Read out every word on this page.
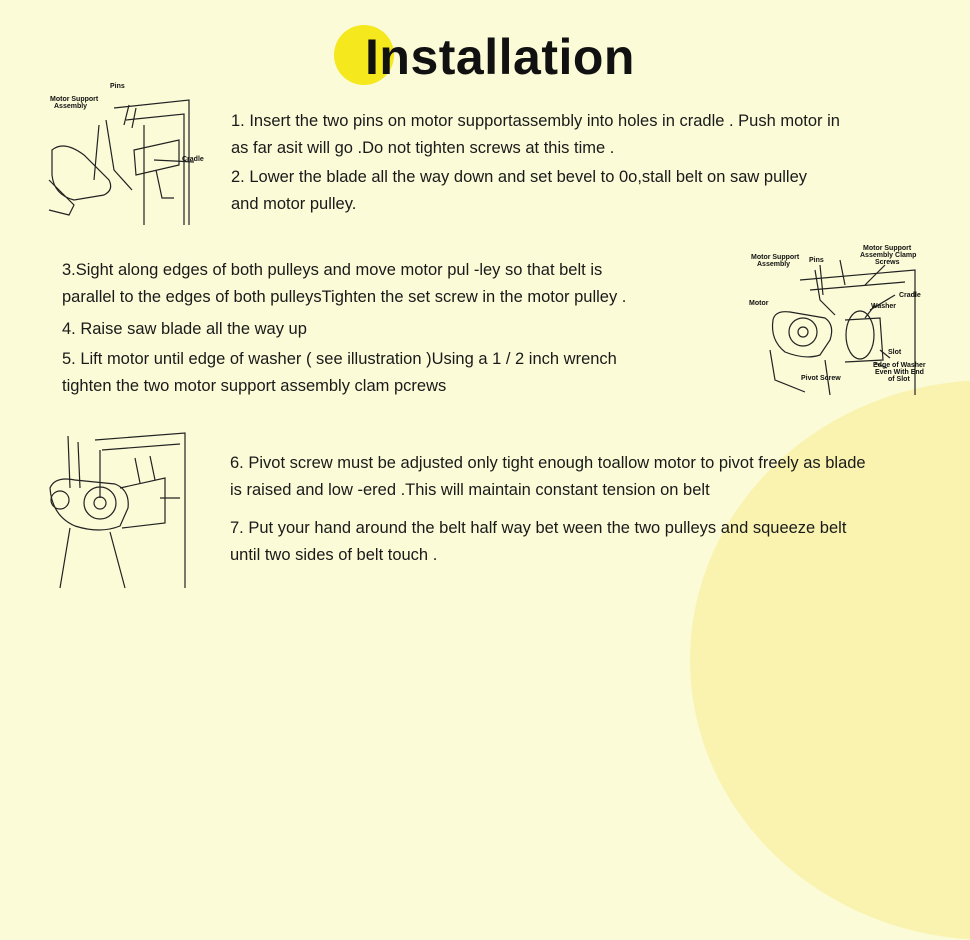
Installation
Motor Support
Assembly
Pins
Cradle
1. Insert the two pins on motor supportassembly into holes in cradle . Push motor in
as far asit will go .Do not tighten screws at this time .
2. Lower the blade all the way down and set bevel to 0o,stall belt on saw pulley
and motor pulley.
3.Sight along edges of both pulleys and move motor pul -ley so that belt is
parallel to the edges of both pulleysTighten the set screw in the motor pulley .
4. Raise saw blade all the way up
5. Lift motor until edge of washer ( see illustration )Using a 1 / 2 inch wrench
tighten the two motor support assembly clam pcrews
Motor Support
Assembly
Pins
Motor Support
Assembly Clamp
Screws
Cradle
Motor	Washer
Slot
Pivot Screw
Edge of Washer
Even With End
of Slot
6. Pivot screw must be adjusted only tight enough toallow motor to pivot freely as blade
is raised and low -ered .This will maintain constant tension on belt
7. Put your hand around the belt half way bet ween the two pulleys and squeeze belt
until two sides of belt touch .
